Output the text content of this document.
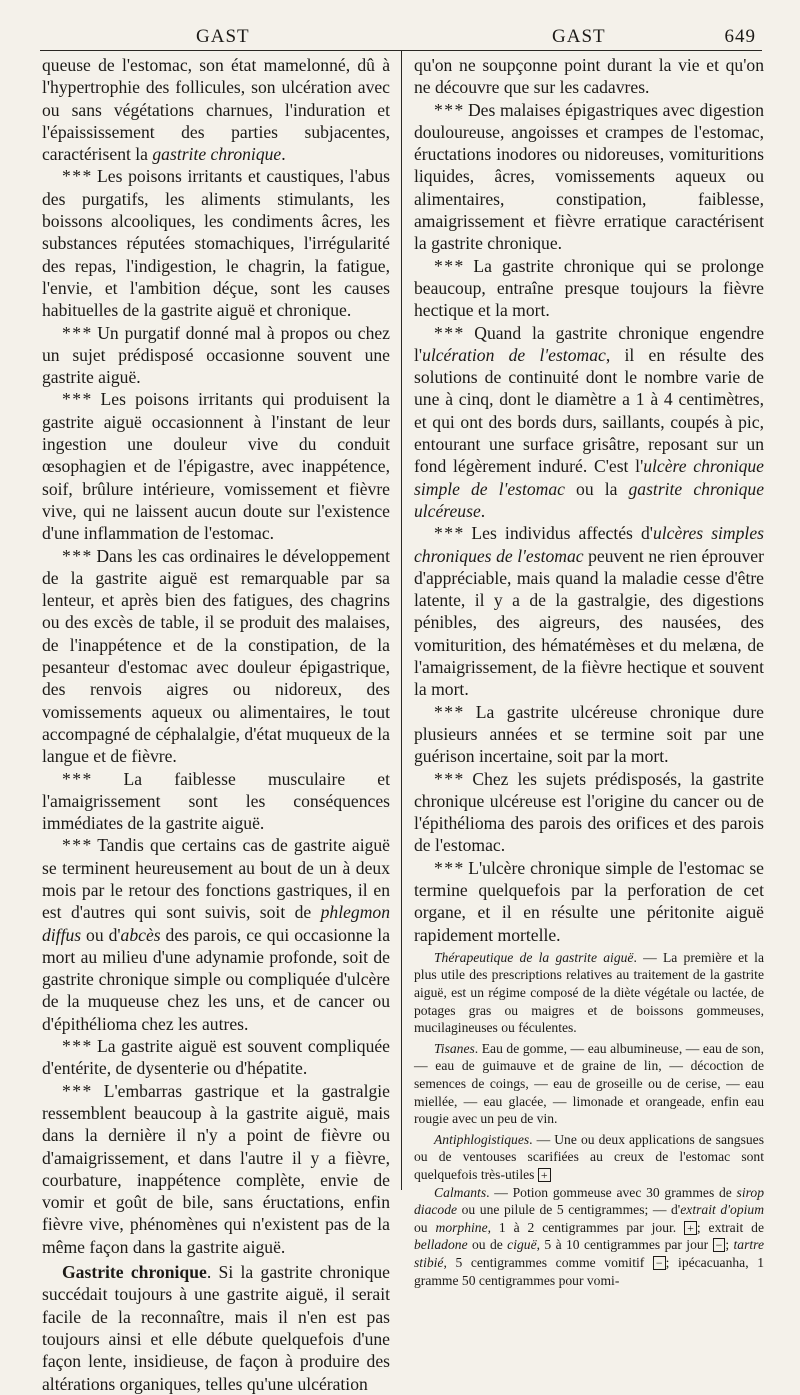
GAST	GAST	649

queuse de l'estomac, son état mamelonné, dû à l'hypertrophie des follicules, son ulcération avec ou sans végétations charnues, l'induration et l'épaississement des parties subjacentes, caractérisent la gastrite chronique.

* * * Les poisons irritants et caustiques, l'abus des purgatifs, les aliments stimulants, les boissons alcooliques, les condiments âcres, les substances réputées stomachiques, l'irrégularité des repas, l'indigestion, le chagrin, la fatigue, l'envie, et l'ambition déçue, sont les causes habituelles de la gastrite aiguë et chronique.

* * * Un purgatif donné mal à propos ou chez un sujet prédisposé occasionne souvent une gastrite aiguë.

* * * Les poisons irritants qui produisent la gastrite aiguë occasionnent à l'instant de leur ingestion une douleur vive du conduit œsophagien et de l'épigastre, avec inappétence, soif, brûlure intérieure, vomissement et fièvre vive, qui ne laissent aucun doute sur l'existence d'une inflammation de l'estomac.

* * * Dans les cas ordinaires le développement de la gastrite aiguë est remarquable par sa lenteur, et après bien des fatigues, des chagrins ou des excès de table, il se produit des malaises, de l'inappétence et de la constipation, de la pesanteur d'estomac avec douleur épigastrique, des renvois aigres ou nidoreux, des vomissements aqueux ou alimentaires, le tout accompagné de céphalalgie, d'état muqueux de la langue et de fièvre.

* * * La faiblesse musculaire et l'amaigrissement sont les conséquences immédiates de la gastrite aiguë.

* * * Tandis que certains cas de gastrite aiguë se terminent heureusement au bout de un à deux mois par le retour des fonctions gastriques, il en est d'autres qui sont suivis, soit de phlegmon diffus ou d'abcès des parois, ce qui occasionne la mort au milieu d'une adynamie profonde, soit de gastrite chronique simple ou compliquée d'ulcère de la muqueuse chez les uns, et de cancer ou d'épithélioma chez les autres.

* * * La gastrite aiguë est souvent compliquée d'entérite, de dysenterie ou d'hépatite.

* * * L'embarras gastrique et la gastralgie ressemblent beaucoup à la gastrite aiguë, mais dans la dernière il n'y a point de fièvre ou d'amaigrissement, et dans l'autre il y a fièvre, courbature, inappétence complète, envie de vomir et goût de bile, sans éructations, enfin fièvre vive, phénomènes qui n'existent pas de la même façon dans la gastrite aiguë.

Gastrite chronique. Si la gastrite chronique succédait toujours à une gastrite aiguë, il serait facile de la reconnaître, mais il n'en est pas toujours ainsi et elle débute quelquefois d'une façon lente, insidieuse, de façon à produire des altérations organiques, telles qu'une ulcération

qu'on ne soupçonne point durant la vie et qu'on ne découvre que sur les cadavres.

* * * Des malaises épigastriques avec digestion douloureuse, angoisses et crampes de l'estomac, éructations inodores ou nidoreuses, vomituritions liquides, âcres, vomissements aqueux ou alimentaires, constipation, faiblesse, amaigrissement et fièvre erratique caractérisent la gastrite chronique.

* * * La gastrite chronique qui se prolonge beaucoup, entraîne presque toujours la fièvre hectique et la mort.

* * * Quand la gastrite chronique engendre l'ulcération de l'estomac, il en résulte des solutions de continuité dont le nombre varie de une à cinq, dont le diamètre a 1 à 4 centimètres, et qui ont des bords durs, saillants, coupés à pic, entourant une surface grisâtre, reposant sur un fond légèrement induré. C'est l'ulcère chronique simple de l'estomac ou la gastrite chronique ulcéreuse.

* * * Les individus affectés d'ulcères simples chroniques de l'estomac peuvent ne rien éprouver d'appréciable, mais quand la maladie cesse d'être latente, il y a de la gastralgie, des digestions pénibles, des aigreurs, des nausées, des vomiturition, des hématémèses et du melæna, de l'amaigrissement, de la fièvre hectique et souvent la mort.

* * * La gastrite ulcéreuse chronique dure plusieurs années et se termine soit par une guérison incertaine, soit par la mort.

* * * Chez les sujets prédisposés, la gastrite chronique ulcéreuse est l'origine du cancer ou de l'épithélioma des parois des orifices et des parois de l'estomac.

* * * L'ulcère chronique simple de l'estomac se termine quelquefois par la perforation de cet organe, et il en résulte une péritonite aiguë rapidement mortelle.

Thérapeutique de la gastrite aiguë. — La première et la plus utile des prescriptions relatives au traitement de la gastrite aiguë, est un régime composé de la diète végétale ou lactée, de potages gras ou maigres et de boissons gommeuses, mucilagineuses ou féculentes.

Tisanes. Eau de gomme, — eau albumineuse, — eau de son, — eau de guimauve et de graine de lin, — décoction de semences de coings, — eau de groseille ou de cerise, — eau miellée, — eau glacée, — limonade et orangeade, enfin eau rougie avec un peu de vin.

Antiphlogistiques. — Une ou deux applications de sangsues ou de ventouses scarifiées au creux de l'estomac sont quelquefois très-utiles +

Calmants. — Potion gommeuse avec 30 grammes de sirop diacode ou une pilule de 5 centigrammes; — d'extrait d'opium ou morphine, 1 à 2 centigrammes par jour. + ; extrait de belladone ou de ciguë, 5 à 10 centigrammes par jour − ; tartre stibié, 5 centigrammes comme vomitif − ; ipécacuanha, 1 gramme 50 centigrammes pour vomi-
